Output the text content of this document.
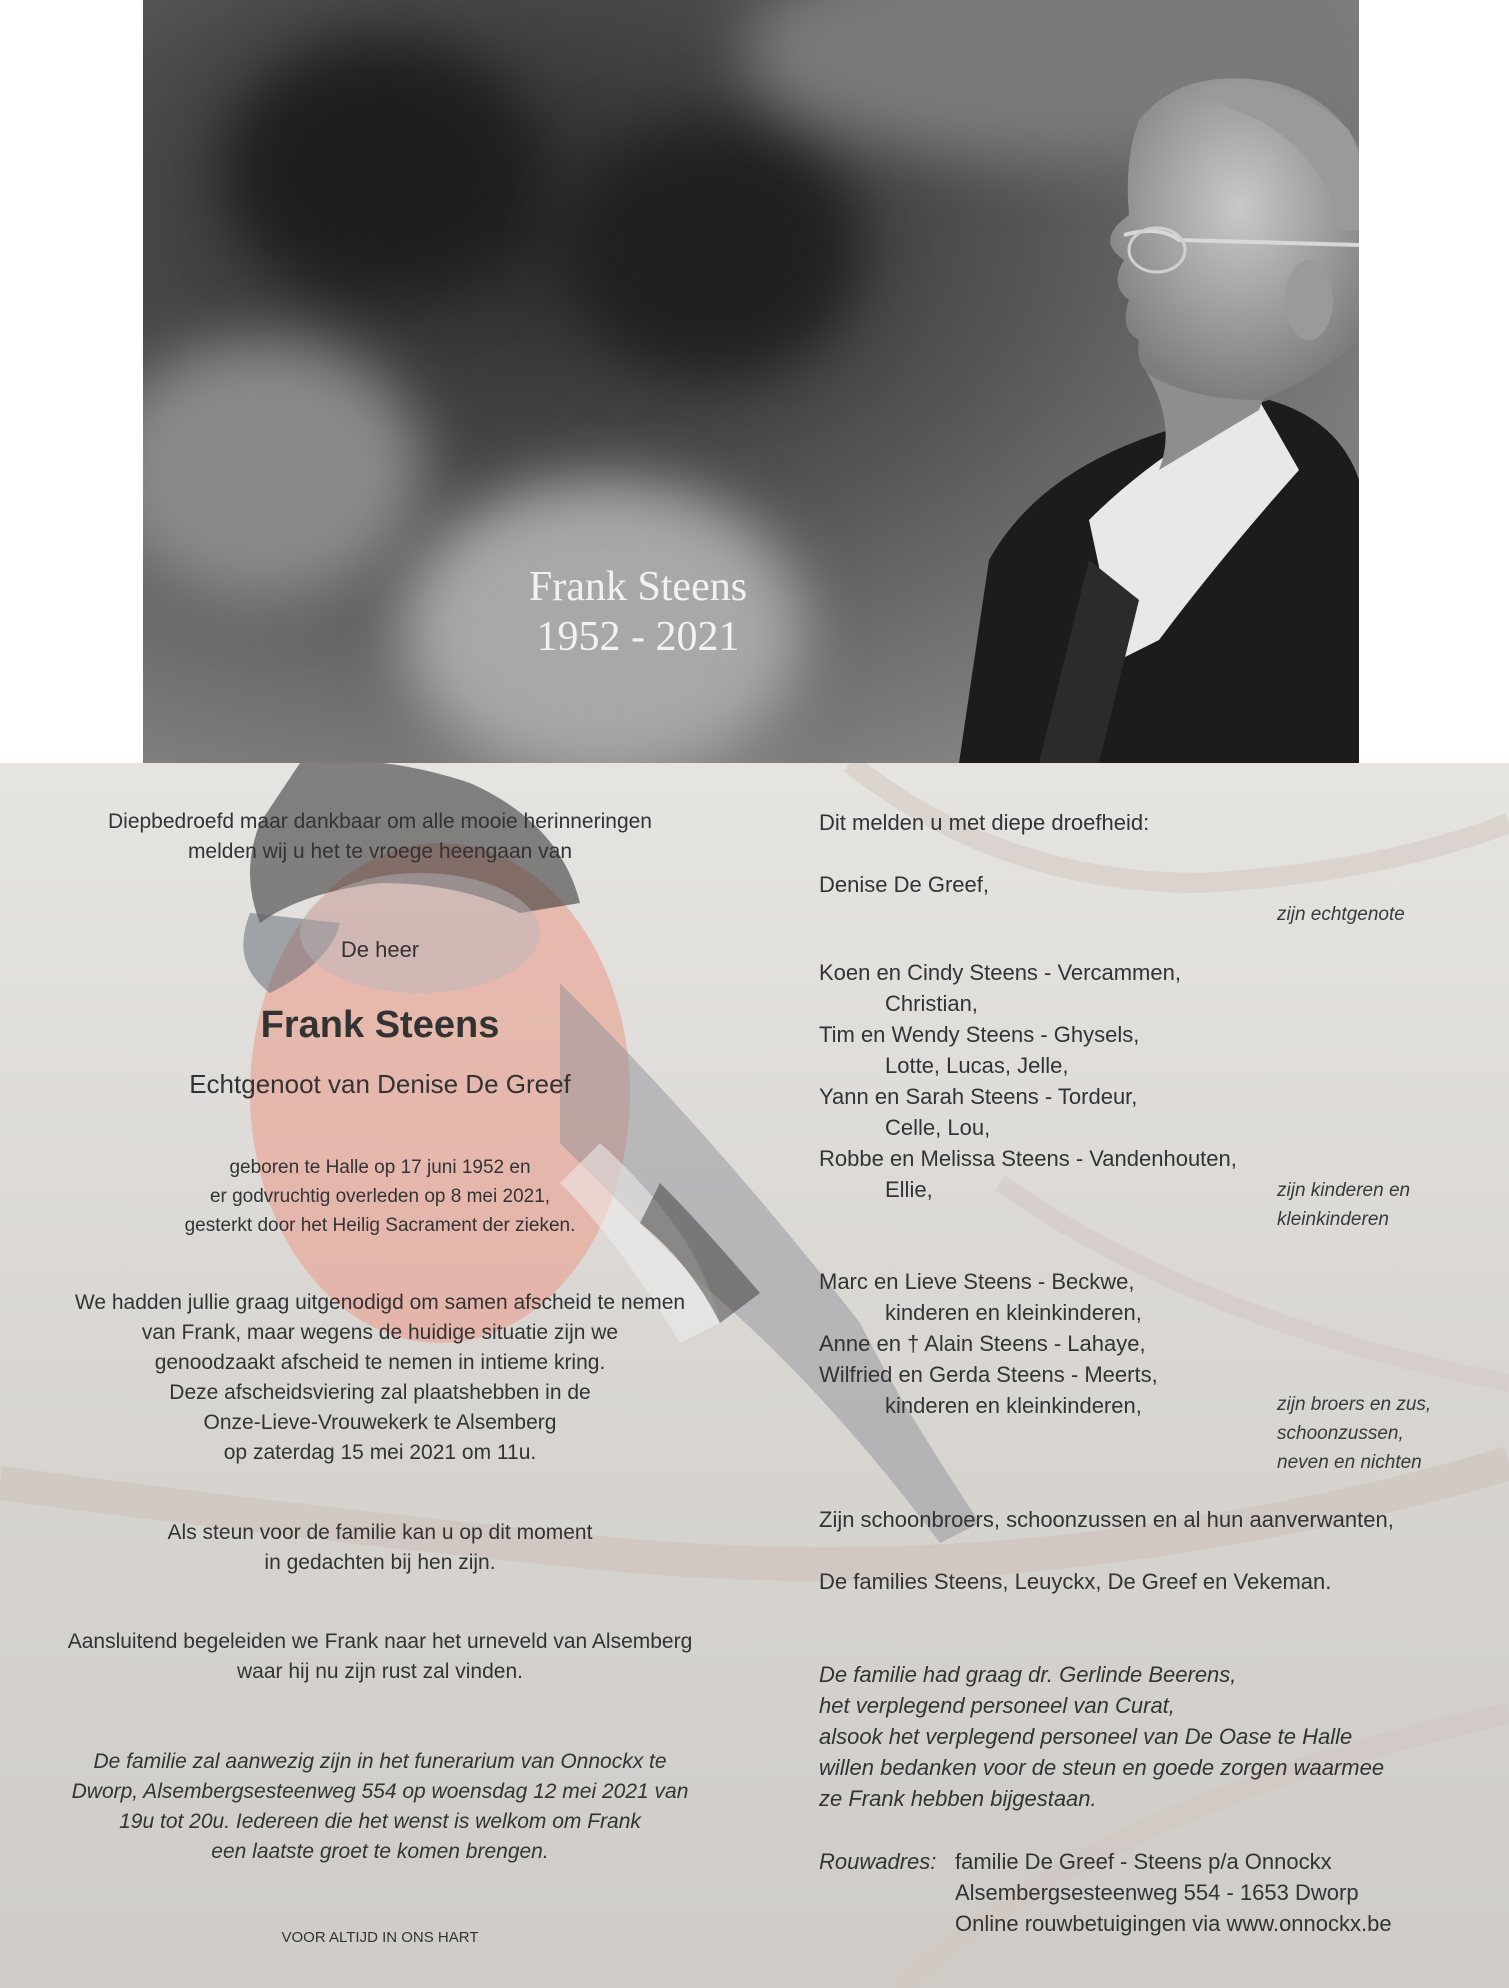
Frank Steens
1952 - 2021

Diepbedroefd maar dankbaar om alle mooie herinneringen

melden wij u het te vroege heengaan van

De heer
Frank Steens
Echtgenoot van Denise De Greef

geboren te Halle op 17 juni 1952 en

er godvruchtig overleden op 8 mei 2021,

gesterkt door het Heilig Sacrament der zieken.

We hadden jullie graag uitgenodigd om samen afscheid te nemen

van Frank, maar wegens de huidige situatie zijn we

genoodzaakt afscheid te nemen in intieme kring.

Deze afscheidsviering zal plaatshebben in de

Onze-Lieve-Vrouwekerk te Alsemberg

op zaterdag 15 mei 2021 om 11u.

Als steun voor de familie kan u op dit moment

in gedachten bij hen zijn.

Aansluitend begeleiden we Frank naar het urneveld van Alsemberg

waar hij nu zijn rust zal vinden.

De familie zal aanwezig zijn in het funerarium van Onnockx te

Dworp, Alsembergsesteenweg 554 op woensdag 12 mei 2021 van

19u tot 20u. Iedereen die het wenst is welkom om Frank

een laatste groet te komen brengen.

VOOR ALTIJD IN ONS HART
Dit melden u met diepe droefheid:
Denise De Greef,
zijn echtgenote
Koen en Cindy Steens - Vercammen,
Christian,
Tim en Wendy Steens - Ghysels,
Lotte, Lucas, Jelle,
Yann en Sarah Steens - Tordeur,
Celle, Lou,
Robbe en Melissa Steens - Vandenhouten,
Ellie,	zijn kinderen en
kleinkinderen
Marc en Lieve Steens - Beckwe,
kinderen en kleinkinderen,
Anne en † Alain Steens - Lahaye,
Wilfried en Gerda Steens - Meerts,
kinderen en kleinkinderen,	zijn broers en zus,
schoonzussen,
neven en nichten
Zijn schoonbroers, schoonzussen en al hun aanverwanten,
De families Steens, Leuyckx, De Greef en Vekeman.
De familie had graag dr. Gerlinde Beerens,
het verplegend personeel van Curat,
alsook het verplegend personeel van De Oase te Halle
willen bedanken voor de steun en goede zorgen waarmee
ze Frank hebben bijgestaan.
Rouwadres: familie De Greef - Steens p/a Onnockx
Alsembergsesteenweg 554 - 1653 Dworp
Online rouwbetuigingen via www.onnockx.be
